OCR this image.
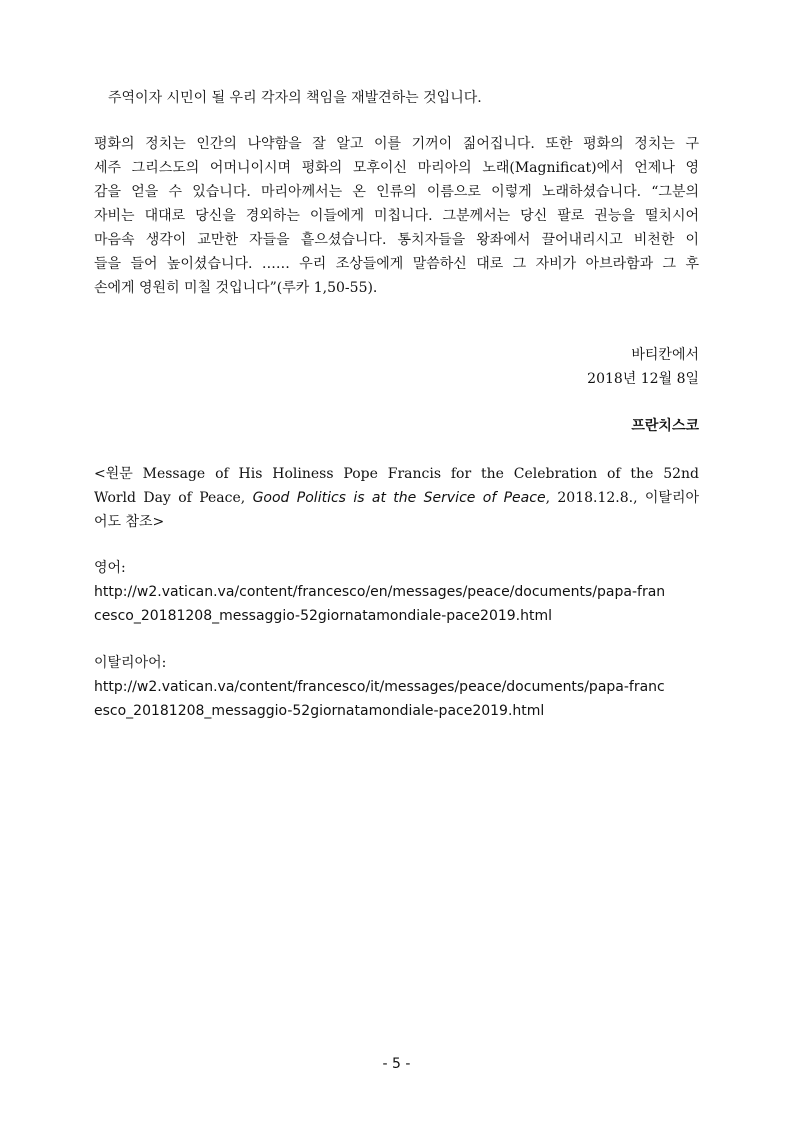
주역이자 시민이 될 우리 각자의 책임을 재발견하는 것입니다.
평화의 정치는 인간의 나약함을 잘 알고 이를 기꺼이 짊어집니다. 또한 평화의 정치는 구
세주 그리스도의 어머니이시며 평화의 모후이신 마리아의 노래(Magnificat)에서 언제나 영
감을 얻을 수 있습니다. 마리아께서는 온 인류의 이름으로 이렇게 노래하셨습니다. “그분의
자비는 대대로 당신을 경외하는 이들에게 미칩니다. 그분께서는 당신 팔로 권능을 떨치시어
마음속 생각이 교만한 자들을 흩으셨습니다. 통치자들을 왕좌에서 끌어내리시고 비천한 이
들을 들어 높이셨습니다. …… 우리 조상들에게 말씀하신 대로 그 자비가 아브라함과 그 후
손에게 영원히 미칠 것입니다”(루카 1,50-55).
바티칸에서
2018년 12월 8일
프란치스코
<원문 Message of His Holiness Pope Francis for the Celebration of the 52nd
World Day of Peace, Good Politics is at the Service of Peace, 2018.12.8., 이탈리아
어도 참조>
영어:
http://w2.vatican.va/content/francesco/en/messages/peace/documents/papa-fran
cesco_20181208_messaggio-52giornatamondiale-pace2019.html
이탈리아어:
http://w2.vatican.va/content/francesco/it/messages/peace/documents/papa-franc
esco_20181208_messaggio-52giornatamondiale-pace2019.html
- 5 -
